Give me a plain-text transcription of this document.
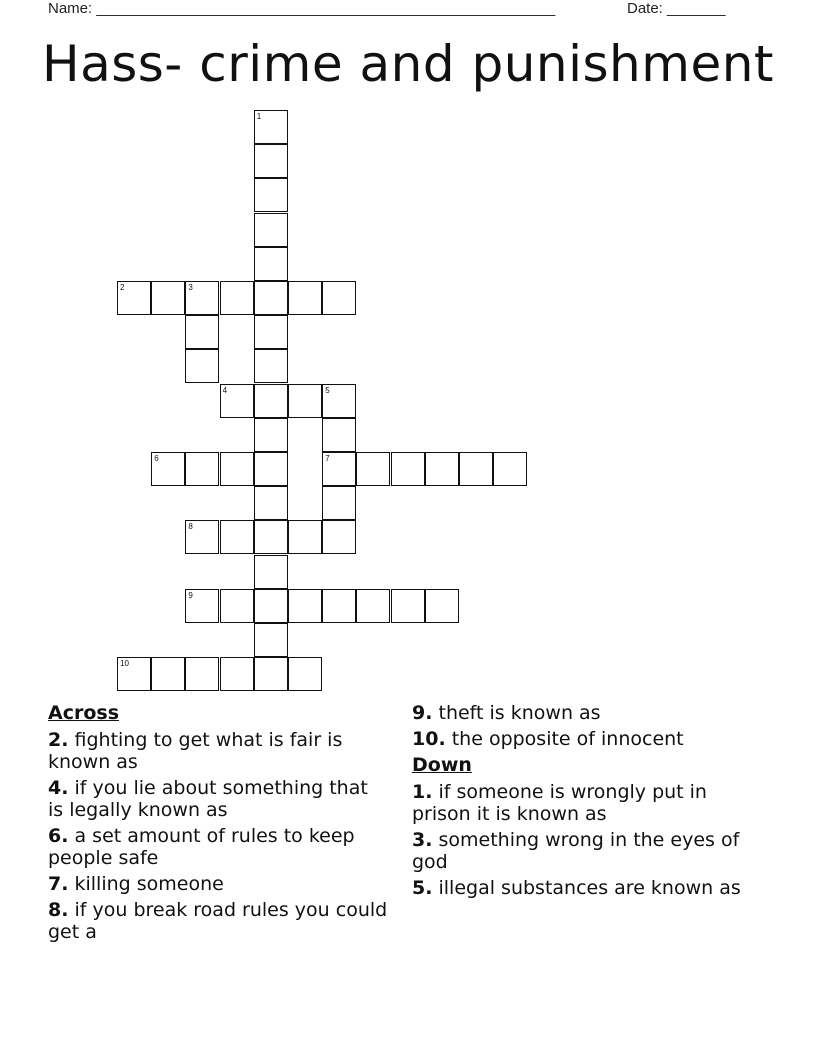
Name: _______________________________________________________	Date: _______
Hass- crime and punishment
1
2	3
4	5
6	7
8
9
10
Across
2. fighting to get what is fair is known as
4. if you lie about something that is legally known as
6. a set amount of rules to keep people safe
7. killing someone
8. if you break road rules you could get a
9. theft is known as
10. the opposite of innocent
Down
1. if someone is wrongly put in prison it is known as
3. something wrong in the eyes of god
5. illegal substances are known as
